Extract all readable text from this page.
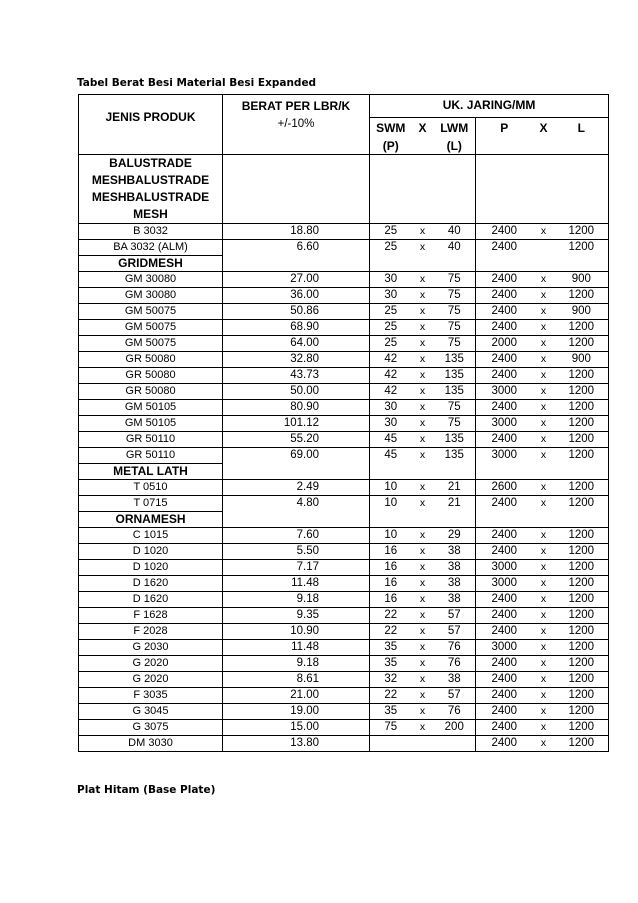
Tabel Berat Besi Material Besi Expanded
JENIS PRODUK	BERAT PER LBR/K	UK. JARING/MM					
	+/-10%	SWM	X	LWM	P	X	L
		(P)		(L)			

BALUSTRADE
MESHBALUSTRADE
MESHBALUSTRADE
MESH							

B 3032	18.80	25	x	40	2400	x	1200
BA 3032 (ALM)	6.60	25	x	40	2400		1200
GRIDMESH							
GM 30080	27.00	30	x	75	2400	x	900
GM 30080	36.00	30	x	75	2400	x	1200
GM 50075	50.86	25	x	75	2400	x	900
GM 50075	68.90	25	x	75	2400	x	1200
GM 50075	64.00	25	x	75	2000	x	1200
GR 50080	32.80	42	x	135	2400	x	900
GR 50080	43.73	42	x	135	2400	x	1200
GR 50080	50.00	42	x	135	3000	x	1200
GM 50105	80.90	30	x	75	2400	x	1200
GM 50105	101.12	30	x	75	3000	x	1200
GR 50110	55.20	45	x	135	2400	x	1200
GR 50110	69.00	45	x	135	3000	x	1200
METAL LATH							
T 0510	2.49	10	x	21	2600	x	1200
T 0715	4.80	10	x	21	2400	x	1200
ORNAMESH							
C 1015	7.60	10	x	29	2400	x	1200
D 1020	5.50	16	x	38	2400	x	1200
D 1020	7.17	16	x	38	3000	x	1200
D 1620	11.48	16	x	38	3000	x	1200
D 1620	9.18	16	x	38	2400	x	1200
F 1628	9.35	22	x	57	2400	x	1200
F 2028	10.90	22	x	57	2400	x	1200
G 2030	11.48	35	x	76	3000	x	1200
G 2020	9.18	35	x	76	2400	x	1200
G 2020	8.61	32	x	38	2400	x	1200
F 3035	21.00	22	x	57	2400	x	1200
G 3045	19.00	35	x	76	2400	x	1200
G 3075	15.00	75	x	200	2400	x	1200
DM 3030	13.80				2400	x	1200
Plat Hitam (Base Plate)
